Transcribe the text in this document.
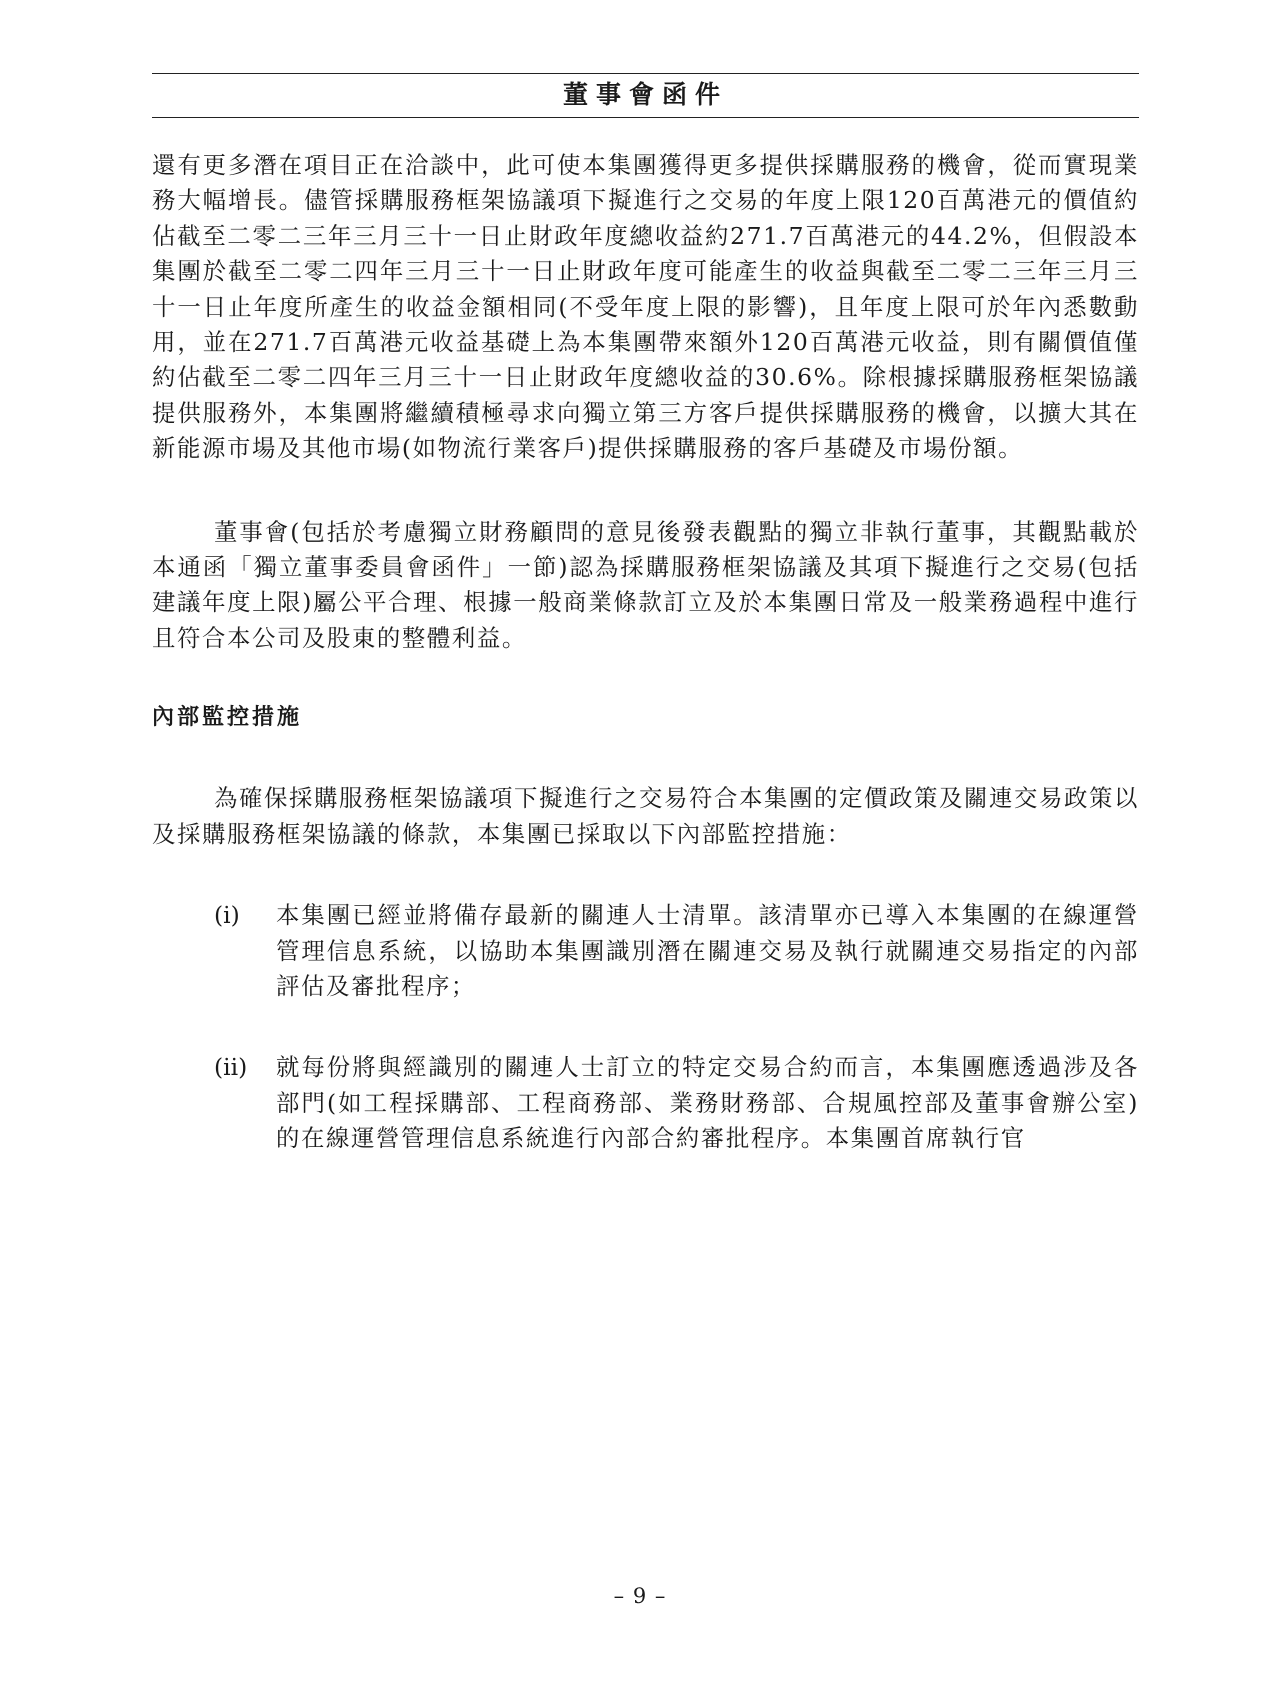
董事會函件

還有更多潛在項目正在洽談中，此可使本集團獲得更多提供採購服務的機會，從而實現業務大幅增長。儘管採購服務框架協議項下擬進行之交易的年度上限120百萬港元的價值約佔截至二零二三年三月三十一日止財政年度總收益約271.7百萬港元的44.2%，但假設本集團於截至二零二四年三月三十一日止財政年度可能產生的收益與截至二零二三年三月三十一日止年度所產生的收益金額相同(不受年度上限的影響)，且年度上限可於年內悉數動用，並在271.7百萬港元收益基礎上為本集團帶來額外120百萬港元收益，則有關價值僅約佔截至二零二四年三月三十一日止財政年度總收益的30.6%。除根據採購服務框架協議提供服務外，本集團將繼續積極尋求向獨立第三方客戶提供採購服務的機會，以擴大其在新能源市場及其他市場(如物流行業客戶)提供採購服務的客戶基礎及市場份額。

董事會(包括於考慮獨立財務顧問的意見後發表觀點的獨立非執行董事，其觀點載於本通函「獨立董事委員會函件」一節)認為採購服務框架協議及其項下擬進行之交易(包括建議年度上限)屬公平合理、根據一般商業條款訂立及於本集團日常及一般業務過程中進行且符合本公司及股東的整體利益。

內部監控措施

為確保採購服務框架協議項下擬進行之交易符合本集團的定價政策及關連交易政策以及採購服務框架協議的條款，本集團已採取以下內部監控措施：

(i) 本集團已經並將備存最新的關連人士清單。該清單亦已導入本集團的在線運營管理信息系統，以協助本集團識別潛在關連交易及執行就關連交易指定的內部評估及審批程序；
(ii) 就每份將與經識別的關連人士訂立的特定交易合約而言，本集團應透過涉及各部門(如工程採購部、工程商務部、業務財務部、合規風控部及董事會辦公室)的在線運營管理信息系統進行內部合約審批程序。本集團首席執行官
– 9 –
